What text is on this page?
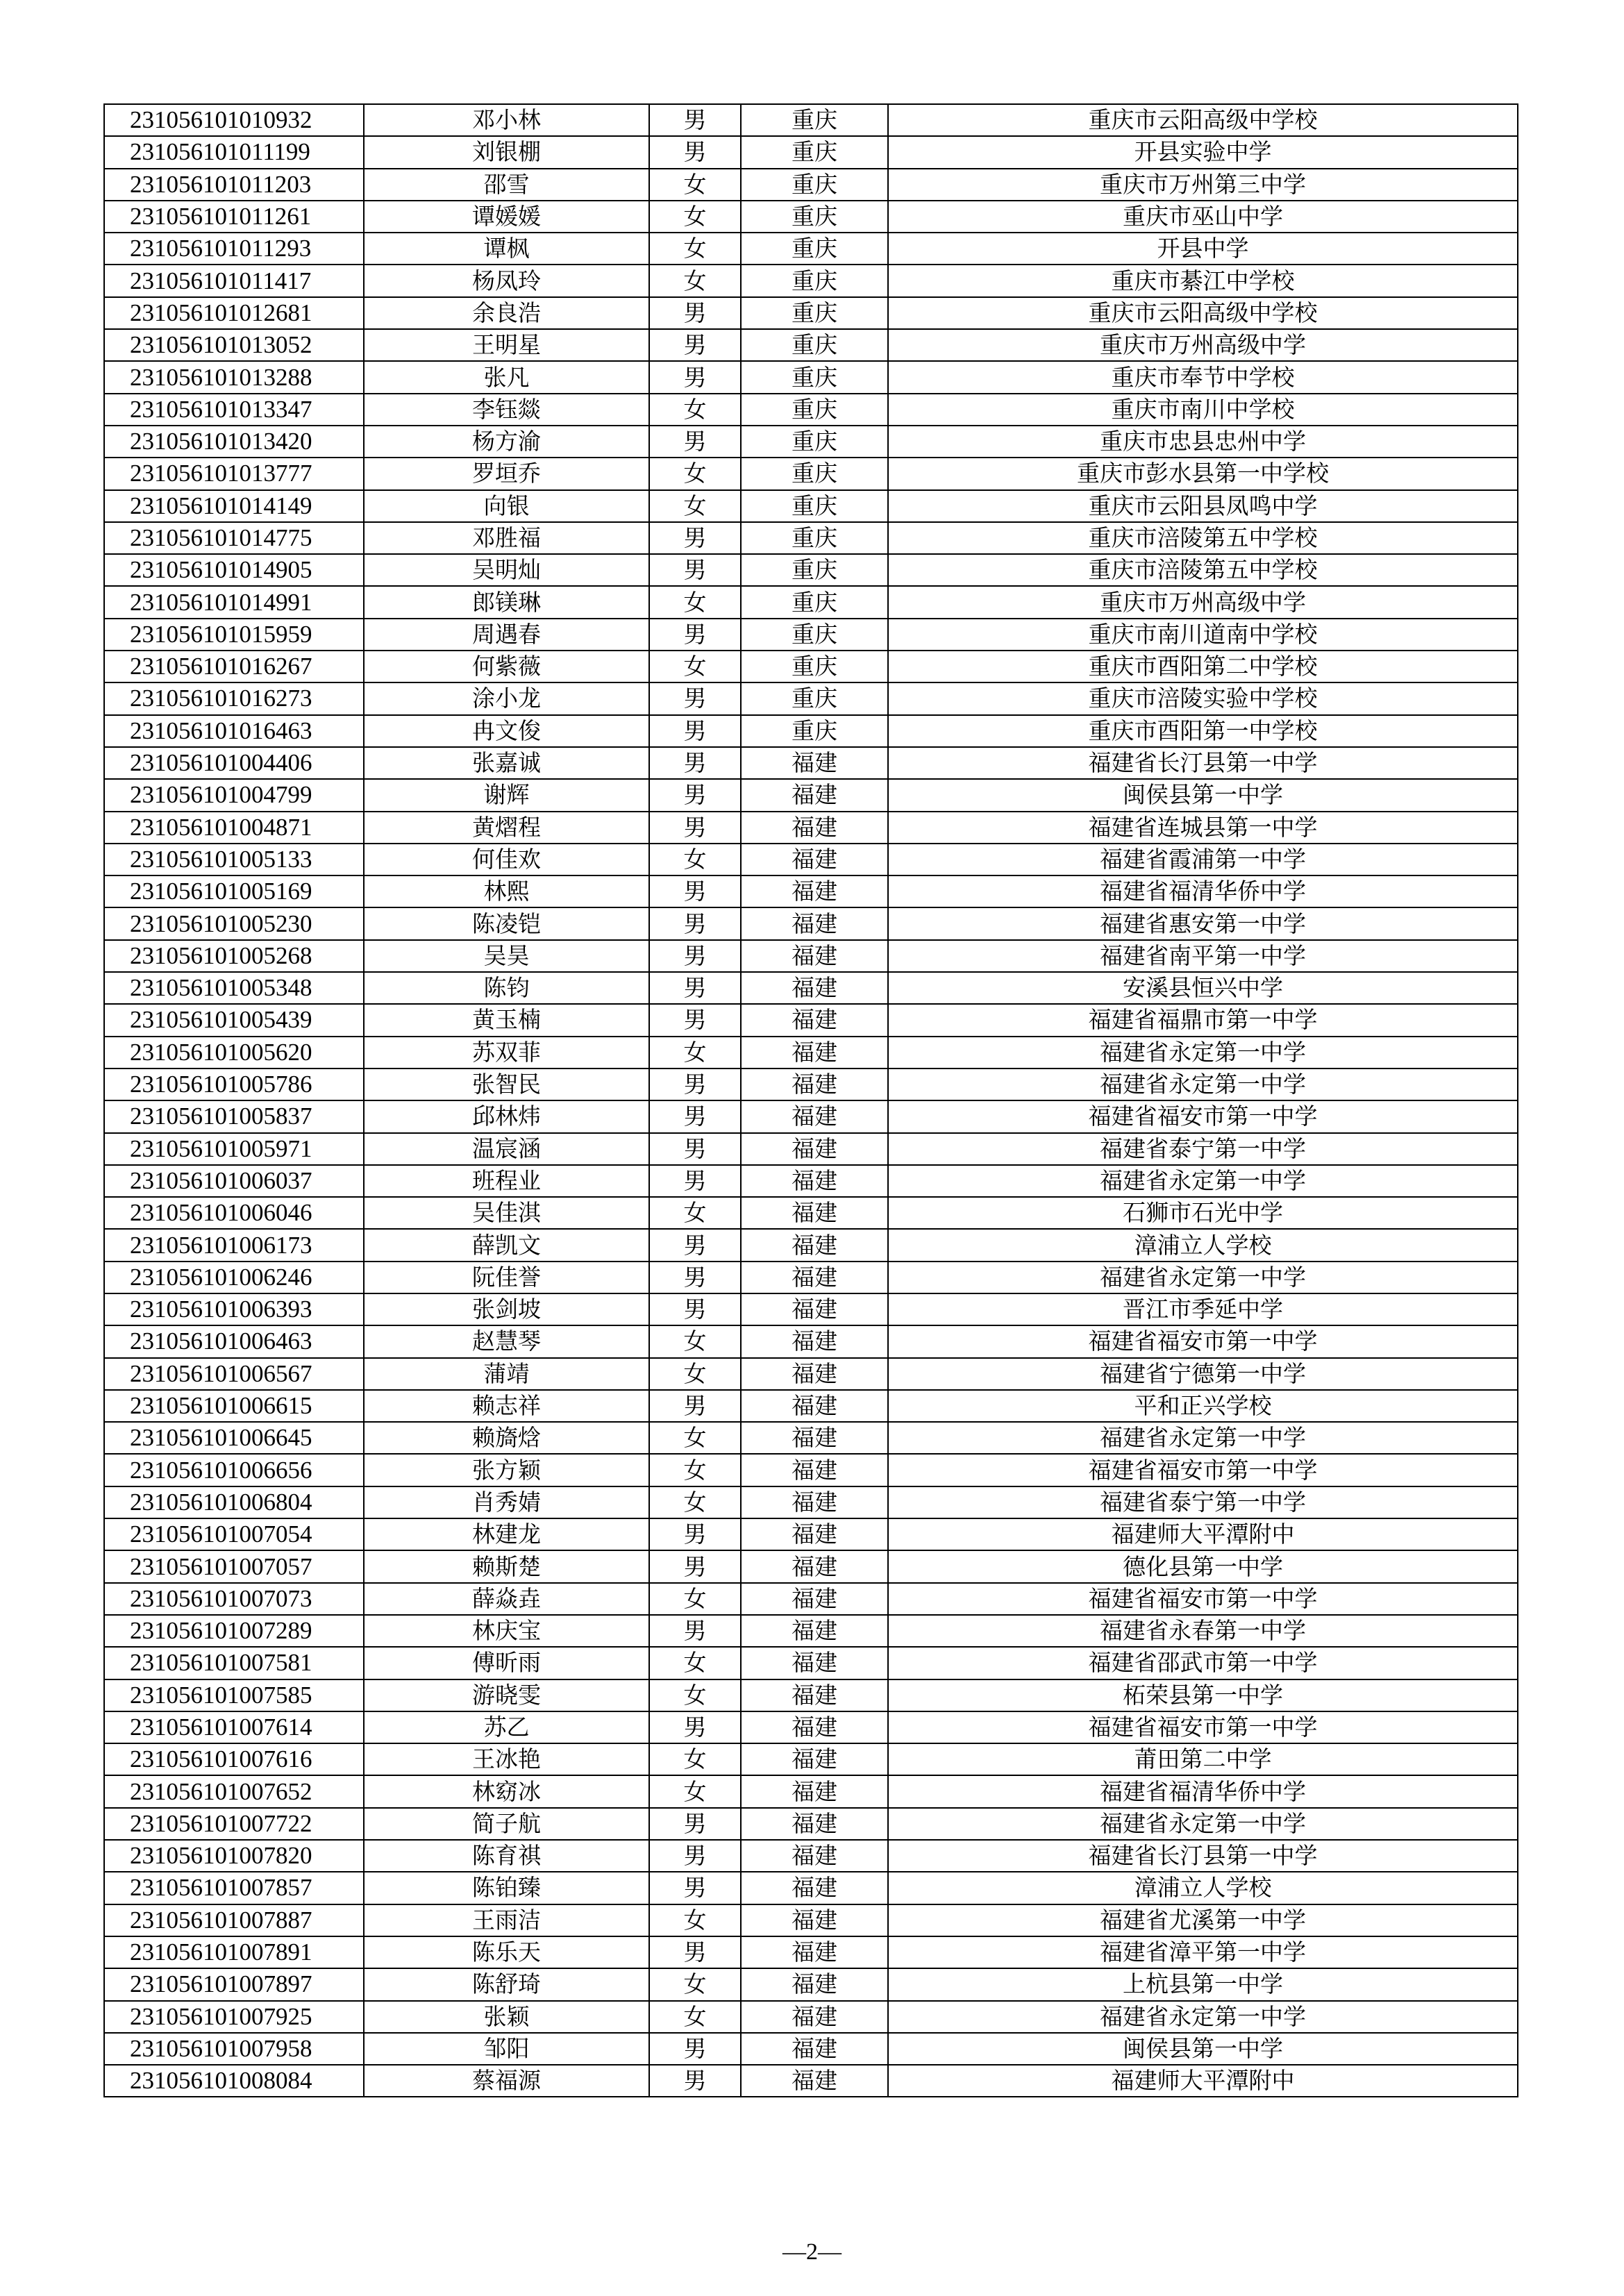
231056101010932	邓小林	男	重庆	重庆市云阳高级中学校
231056101011199	刘银棚	男	重庆	开县实验中学
231056101011203	邵雪	女	重庆	重庆市万州第三中学
231056101011261	谭媛媛	女	重庆	重庆市巫山中学
231056101011293	谭枫	女	重庆	开县中学
231056101011417	杨凤玲	女	重庆	重庆市綦江中学校
231056101012681	余良浩	男	重庆	重庆市云阳高级中学校
231056101013052	王明星	男	重庆	重庆市万州高级中学
231056101013288	张凡	男	重庆	重庆市奉节中学校
231056101013347	李钰燚	女	重庆	重庆市南川中学校
231056101013420	杨方渝	男	重庆	重庆市忠县忠州中学
231056101013777	罗垣乔	女	重庆	重庆市彭水县第一中学校
231056101014149	向银	女	重庆	重庆市云阳县凤鸣中学
231056101014775	邓胜福	男	重庆	重庆市涪陵第五中学校
231056101014905	吴明灿	男	重庆	重庆市涪陵第五中学校
231056101014991	郎镁琳	女	重庆	重庆市万州高级中学
231056101015959	周遇春	男	重庆	重庆市南川道南中学校
231056101016267	何紫薇	女	重庆	重庆市酉阳第二中学校
231056101016273	涂小龙	男	重庆	重庆市涪陵实验中学校
231056101016463	冉文俊	男	重庆	重庆市酉阳第一中学校
231056101004406	张嘉诚	男	福建	福建省长汀县第一中学
231056101004799	谢辉	男	福建	闽侯县第一中学
231056101004871	黄熠程	男	福建	福建省连城县第一中学
231056101005133	何佳欢	女	福建	福建省霞浦第一中学
231056101005169	林熙	男	福建	福建省福清华侨中学
231056101005230	陈凌铠	男	福建	福建省惠安第一中学
231056101005268	吴昊	男	福建	福建省南平第一中学
231056101005348	陈钧	男	福建	安溪县恒兴中学
231056101005439	黄玉楠	男	福建	福建省福鼎市第一中学
231056101005620	苏双菲	女	福建	福建省永定第一中学
231056101005786	张智民	男	福建	福建省永定第一中学
231056101005837	邱林炜	男	福建	福建省福安市第一中学
231056101005971	温宸涵	男	福建	福建省泰宁第一中学
231056101006037	班程业	男	福建	福建省永定第一中学
231056101006046	吴佳淇	女	福建	石狮市石光中学
231056101006173	薛凯文	男	福建	漳浦立人学校
231056101006246	阮佳誉	男	福建	福建省永定第一中学
231056101006393	张剑坡	男	福建	晋江市季延中学
231056101006463	赵慧琴	女	福建	福建省福安市第一中学
231056101006567	蒲靖	女	福建	福建省宁德第一中学
231056101006615	赖志祥	男	福建	平和正兴学校
231056101006645	赖旖焓	女	福建	福建省永定第一中学
231056101006656	张方颖	女	福建	福建省福安市第一中学
231056101006804	肖秀婧	女	福建	福建省泰宁第一中学
231056101007054	林建龙	男	福建	福建师大平潭附中
231056101007057	赖斯楚	男	福建	德化县第一中学
231056101007073	薛焱垚	女	福建	福建省福安市第一中学
231056101007289	林庆宝	男	福建	福建省永春第一中学
231056101007581	傅昕雨	女	福建	福建省邵武市第一中学
231056101007585	游晓雯	女	福建	柘荣县第一中学
231056101007614	苏乙	男	福建	福建省福安市第一中学
231056101007616	王冰艳	女	福建	莆田第二中学
231056101007652	林窈冰	女	福建	福建省福清华侨中学
231056101007722	简子航	男	福建	福建省永定第一中学
231056101007820	陈育祺	男	福建	福建省长汀县第一中学
231056101007857	陈铂臻	男	福建	漳浦立人学校
231056101007887	王雨洁	女	福建	福建省尤溪第一中学
231056101007891	陈乐天	男	福建	福建省漳平第一中学
231056101007897	陈舒琦	女	福建	上杭县第一中学
231056101007925	张颖	女	福建	福建省永定第一中学
231056101007958	邹阳	男	福建	闽侯县第一中学
231056101008084	蔡福源	男	福建	福建师大平潭附中
—2—
